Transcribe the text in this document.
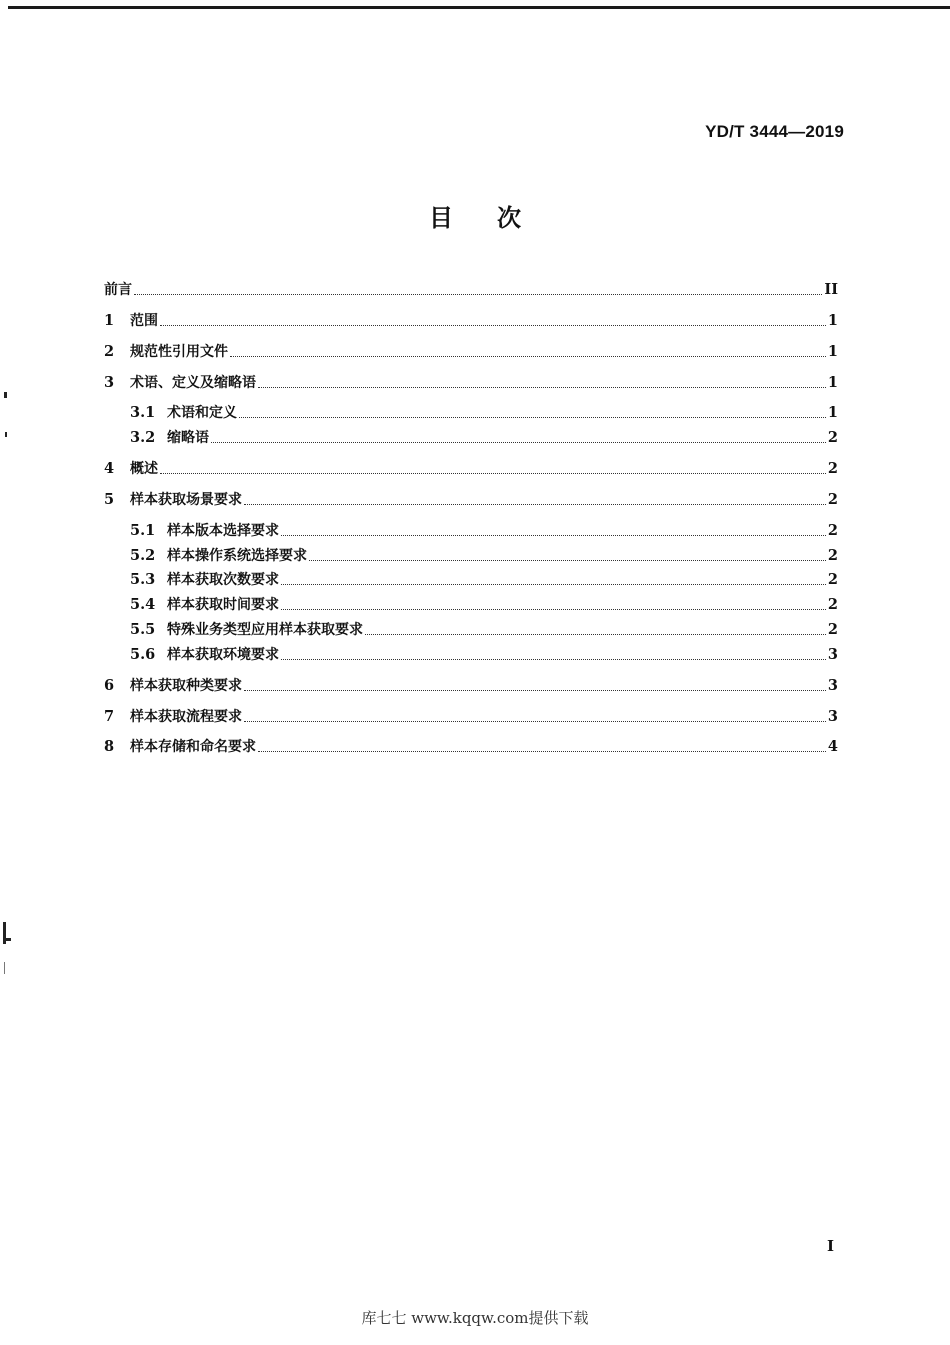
YD/T 3444—2019
目次
前言	II
1	范围	1
2	规范性引用文件	1
3	术语、定义及缩略语	1
3.1 术语和定义	1
3.2 缩略语	2
4	概述	2
5	样本获取场景要求	2
5.1 样本版本选择要求	2
5.2 样本操作系统选择要求	2
5.3 样本获取次数要求	2
5.4 样本获取时间要求	2
5.5 特殊业务类型应用样本获取要求	2
5.6 样本获取环境要求	3
6	样本获取种类要求	3
7	样本获取流程要求	3
8	样本存储和命名要求	4
I
库七七 www.kqqw.com提供下载
